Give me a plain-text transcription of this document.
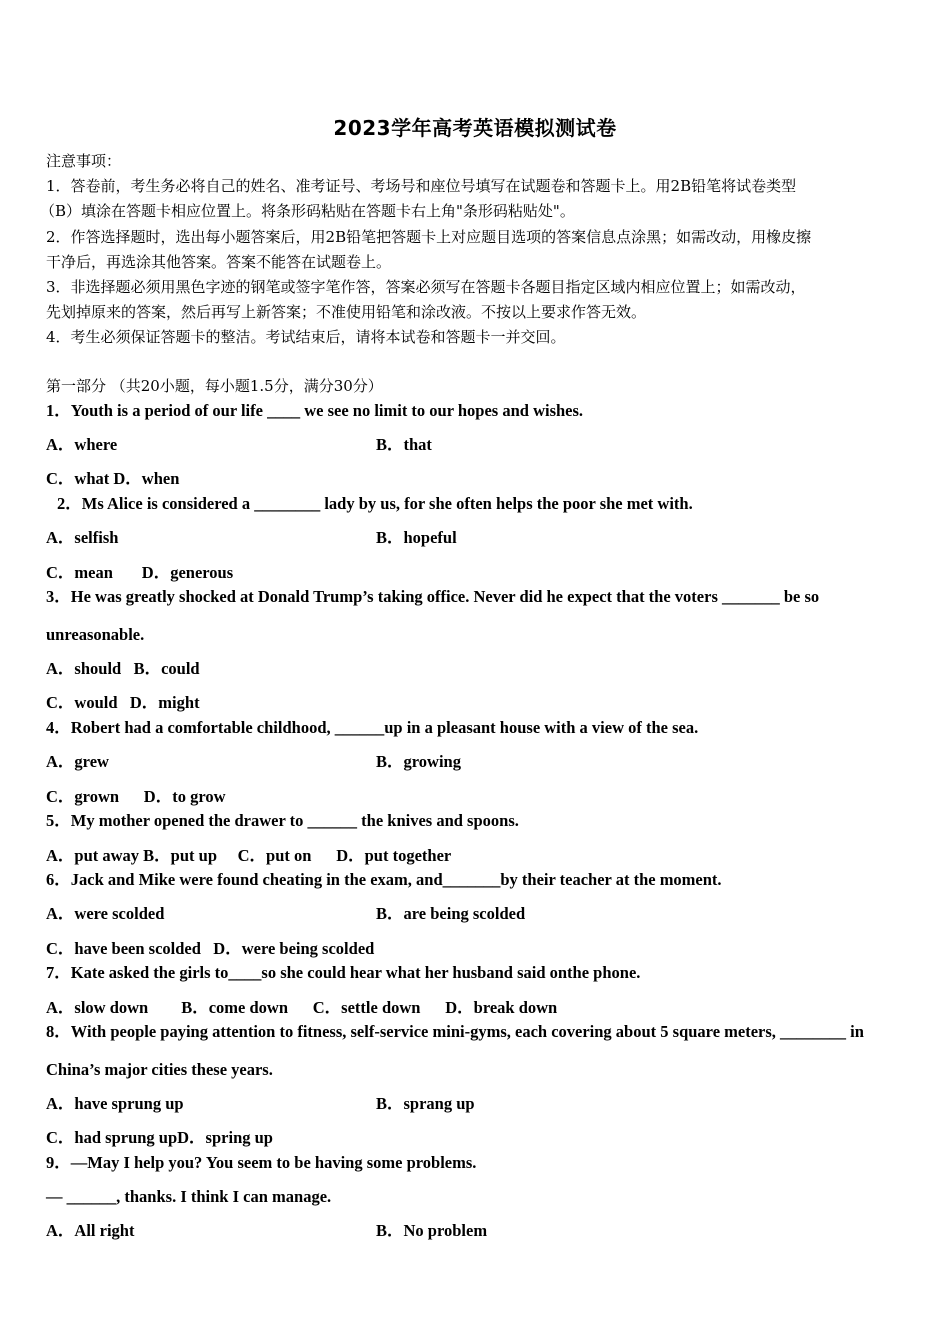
2023学年高考英语模拟测试卷
注意事项：
1．答卷前，考生务必将自己的姓名、准考证号、考场号和座位号填写在试题卷和答题卡上。用2B铅笔将试卷类型
（B）填涂在答题卡相应位置上。将条形码粘贴在答题卡右上角"条形码粘贴处"。
2．作答选择题时，选出每小题答案后，用2B铅笔把答题卡上对应题目选项的答案信息点涂黑；如需改动，用橡皮擦
干净后，再选涂其他答案。答案不能答在试题卷上。
3．非选择题必须用黑色字迹的钢笔或签字笔作答，答案必须写在答题卡各题目指定区域内相应位置上；如需改动，
先划掉原来的答案，然后再写上新答案；不准使用铅笔和涂改液。不按以上要求作答无效。
4．考生必须保证答题卡的整洁。考试结束后，请将本试卷和答题卡一并交回。
第一部分 （共20小题，每小题1.5分，满分30分）
1．Youth is a period of our life ____ we see no limit to our hopes and wishes.
A．where	B．that
C．what D．when
2．Ms Alice is considered a ________ lady by us, for she often helps the poor she met with.
A．selfish	B．hopeful
C．mean       D．generous
3．He was greatly shocked at Donald Trump’s taking office. Never did he expect that the voters _______ be so
unreasonable.
A．should   B．could
C．would   D．might
4．Robert had a comfortable childhood, ______up in a pleasant house with a view of the sea.
A．grew	B．growing
C．grown      D．to grow
5．My mother opened the drawer to ______ the knives and spoons.
A．put away B．put up     C．put on      D．put together
6．Jack and Mike were found cheating in the exam, and_______by their teacher at the moment.
A．were scolded	B．are being scolded
C．have been scolded   D．were being scolded
7．Kate asked the girls to____so she could hear what her husband said onthe phone.
A．slow down        B．come down      C．settle down      D．break down
8．With people paying attention to fitness, self-service mini-gyms, each covering about 5 square meters, ________ in
China’s major cities these years.
A．have sprung up	B．sprang up
C．had sprung upD．spring up
9．—May I help you? You seem to be having some problems.
— ______, thanks. I think I can manage.
A．All right	B．No problem
